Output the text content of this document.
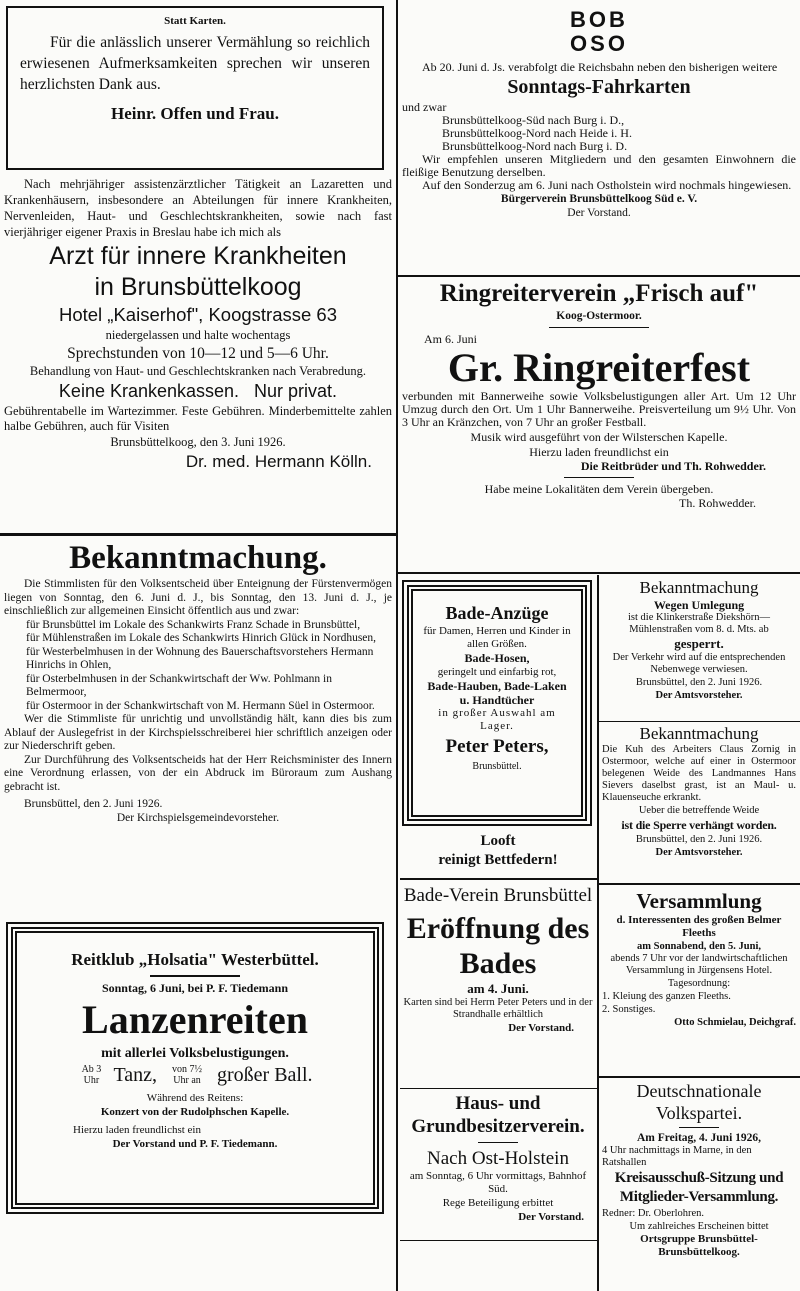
Statt Karten.

Für die anlässlich unserer Vermählung so reichlich erwiesenen Aufmerksamkeiten sprechen wir unseren herzlichsten Dank aus.

Heinr. Offen und Frau.

Nach mehrjähriger assistenzärztlicher Tätigkeit an Lazaretten und Krankenhäusern, insbesondere an Abteilungen für innere Krankheiten, Nervenleiden, Haut- und Geschlechtskrankheiten, sowie nach fast vierjähriger eigener Praxis in Breslau habe ich mich als

Arzt für innere Krankheiten

in Brunsbüttelkoog

Hotel „Kaiserhof", Koogstrasse 63

niedergelassen und halte wochentags

Sprechstunden von 10—12 und 5—6 Uhr.

Behandlung von Haut- und Geschlechtskranken nach Verabredung.

Keine Krankenkassen.   Nur privat.

Gebührentabelle im Wartezimmer. Feste Gebühren. Minderbemittelte zahlen halbe Gebühren, auch für Visiten

Brunsbüttelkoog, den 3. Juni 1926.

Dr. med. Hermann Kölln.

Bekanntmachung.

Die Stimmlisten für den Volksentscheid über Enteignung der Fürstenvermögen liegen von Sonntag, den 6. Juni d. J., bis Sonntag, den 13. Juni d. J., je einschließlich zur allgemeinen Einsicht öffentlich aus und zwar:

für Brunsbüttel im Lokale des Schankwirts Franz Schade in Brunsbüttel,

für Mühlenstraßen im Lokale des Schankwirts Hinrich Glück in Nordhusen,

für Westerbelmhusen in der Wohnung des Bauerschaftsvorstehers Hermann Hinrichs in Ohlen,

für Osterbelmhusen in der Schankwirtschaft der Ww. Pohlmann in Belmermoor,

für Ostermoor in der Schankwirtschaft von M. Hermann Süel in Ostermoor.

Wer die Stimmliste für unrichtig und unvollständig hält, kann dies bis zum Ablauf der Auslegefrist in der Kirchspielsschreiberei hier schriftlich anzeigen oder zur Niederschrift geben.

Zur Durchführung des Volksentscheids hat der Herr Reichsminister des Innern eine Verordnung erlassen, von der ein Abdruck im Büroraum zum Aushang gebracht ist.

Brunsbüttel, den 2. Juni 1926.

Der Kirchspielsgemeindevorsteher.

Reitklub „Holsatia" Westerbüttel.

Sonntag, 6 Juni, bei P. F. Tiedemann

Lanzenreiten

mit allerlei Volksbelustigungen.

Ab 3 Uhr Tanz,	von 7½ Uhr an großer Ball.

Während des Reitens:

Konzert von der Rudolphschen Kapelle.

Hierzu laden freundlichst ein

Der Vorstand und P. F. Tiedemann.

BOB OSO

Ab 20. Juni d. Js. verabfolgt die Reichsbahn neben den bisherigen weitere

Sonntags-Fahrkarten

und zwar

Brunsbüttelkoog-Süd nach Burg i. D.,

Brunsbüttelkoog-Nord nach Heide i. H.

Brunsbüttelkoog-Nord nach Burg i. D.

Wir empfehlen unseren Mitgliedern und den gesamten Einwohnern die fleißige Benutzung derselben.

Auf den Sonderzug am 6. Juni nach Ostholstein wird nochmals hingewiesen.

Bürgerverein Brunsbüttelkoog Süd e. V.

Der Vorstand.

Ringreiterverein „Frisch auf"

Koog-Ostermoor.

Am 6. Juni

Gr. Ringreiterfest

verbunden mit Bannerweihe sowie Volksbelustigungen aller Art. Um 12 Uhr Umzug durch den Ort. Um 1 Uhr Bannerweihe. Preisverteilung um 9½ Uhr. Von 3 Uhr an Kränzchen, von 7 Uhr an großer Festball.

Musik wird ausgeführt von der Wilsterschen Kapelle.

Hierzu laden freundlichst ein

Die Reitbrüder und Th. Rohwedder.

Habe meine Lokalitäten dem Verein übergeben.

Th. Rohwedder.

Bade-Anzüge

für Damen, Herren und Kinder in allen Größen.

Bade-Hosen,

geringelt und einfarbig rot,

Bade-Hauben, Bade-Laken u. Handtücher

in großer Auswahl am Lager.

Peter Peters,

Brunsbüttel.

Looft

reinigt Bettfedern!

Bade-Verein Brunsbüttel

Eröffnung des Bades

am 4. Juni.

Karten sind bei Herrn Peter Peters und in der Strandhalle erhältlich

Der Vorstand.

Haus- und Grundbesitzerverein.

Nach Ost-Holstein

am Sonntag, 6 Uhr vormittags, Bahnhof Süd.

Rege Beteiligung erbittet

Der Vorstand.

Bekanntmachung

Wegen Umlegung

ist die Klinkerstraße Diekshörn—Mühlenstraßen vom 8. d. Mts. ab

gesperrt.

Der Verkehr wird auf die entsprechenden Nebenwege verwiesen.

Brunsbüttel, den 2. Juni 1926.

Der Amtsvorsteher.

Bekanntmachung

Die Kuh des Arbeiters Claus Zornig in Ostermoor, welche auf einer in Ostermoor belegenen Weide des Landmannes Hans Sievers daselbst grast, ist an Maul- u. Klauenseuche erkrankt.

Ueber die betreffende Weide

ist die Sperre verhängt worden.

Brunsbüttel, den 2. Juni 1926.

Der Amtsvorsteher.

Versammlung

d. Interessenten des großen Belmer Fleeths

am Sonnabend, den 5. Juni,

abends 7 Uhr vor der landwirtschaftlichen Versammlung in Jürgensens Hotel.

Tagesordnung:

1. Kleiung des ganzen Fleeths.

2. Sonstiges.

Otto Schmielau, Deichgraf.

Deutschnationale Volkspartei.

Am Freitag, 4. Juni 1926,

4 Uhr nachmittags in Marne, in den Ratshallen

Kreisausschuß-Sitzung und Mitglieder-Versammlung.

Redner: Dr. Oberlohren.

Um zahlreiches Erscheinen bittet

Ortsgruppe Brunsbüttel-Brunsbüttelkoog.
